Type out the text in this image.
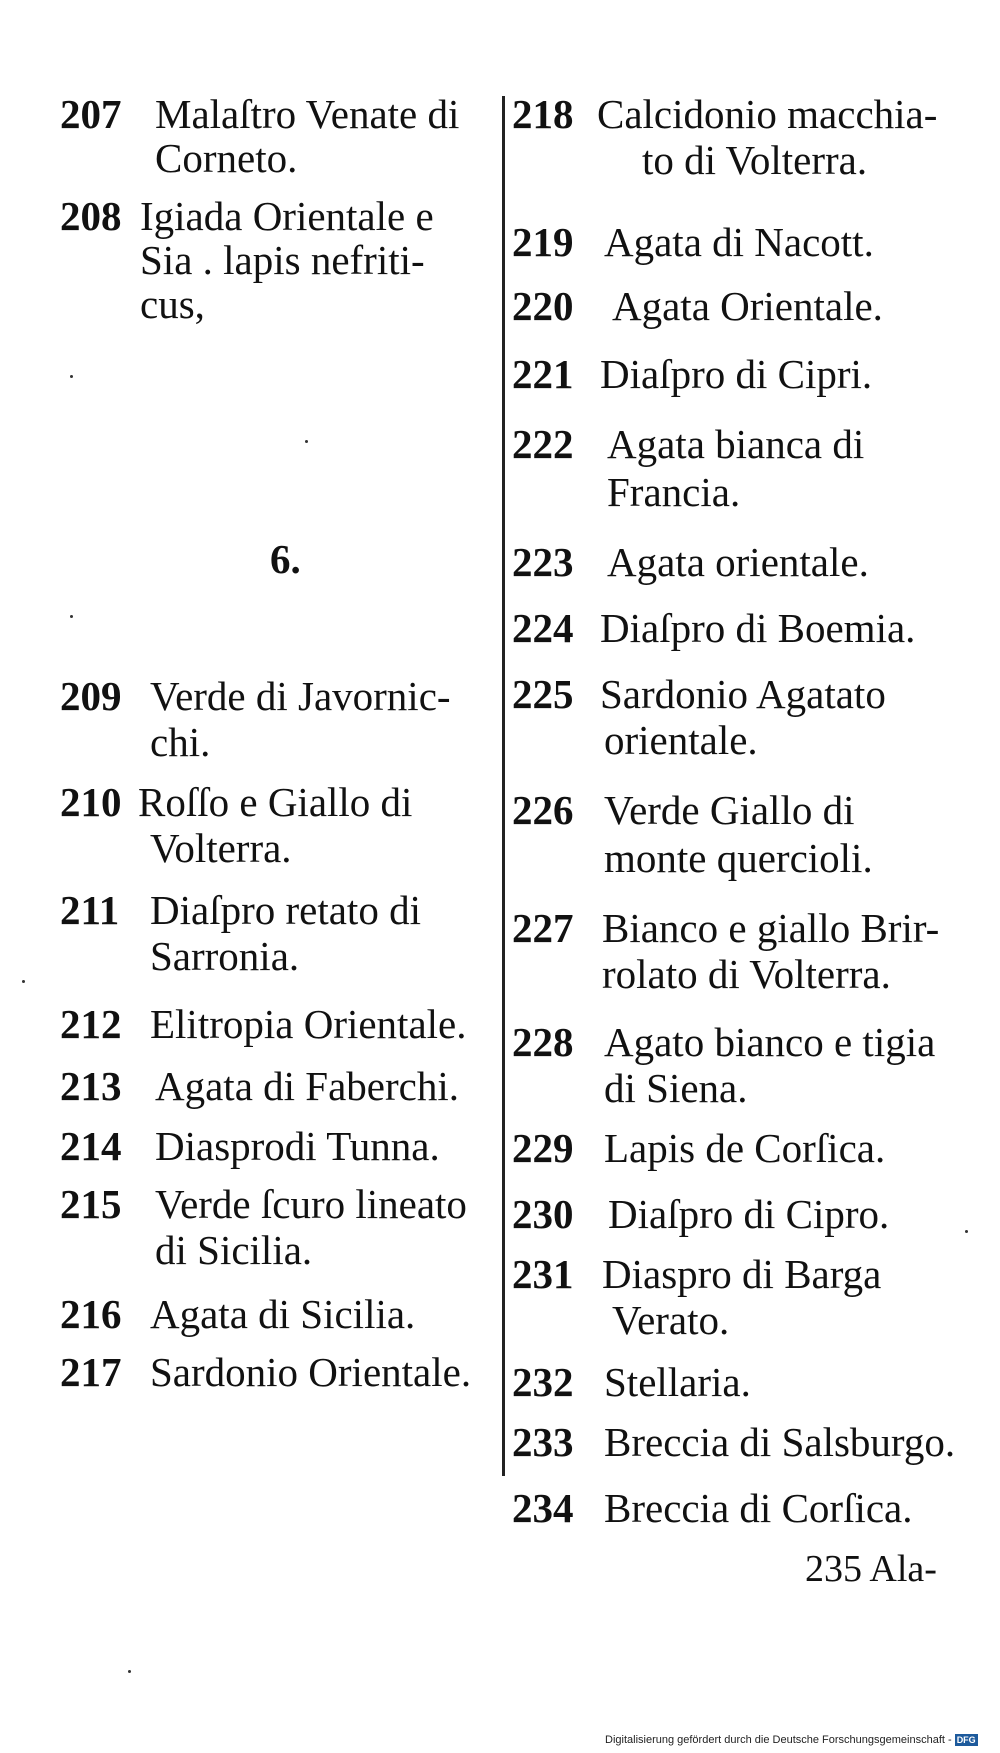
207 Malaſtro Venate di
Corneto.
208 Igiada Orientale e
Sia . lapis nefriti-
cus,
6.
209 Verde di Javornic-
chi.
210 Roſſo e Giallo di
Volterra.
211 Diaſpro retato di
Sarronia.
212 Elitropia Orientale.
213 Agata di Faberchi.
214 Diasprodi Tunna.
215 Verde ſcuro lineato
di Sicilia.
216 Agata di Sicilia.
217 Sardonio Orientale.
218 Calcidonio macchia-
to di Volterra.
219 Agata di Nacott.
220 Agata Orientale.
221 Diaſpro di Cipri.
222 Agata bianca di
Francia.
223 Agata orientale.
224 Diaſpro di Boemia.
225 Sardonio Agatato
orientale.
226 Verde Giallo di
monte quercioli.
227 Bianco e giallo Brir-
rolato di Volterra.
228 Agato bianco e tigia
di Siena.
229 Lapis de Corſica.
230 Diaſpro di Cipro.
231 Diaspro di Barga
Verato.
232 Stellaria.
233 Breccia di Salsburgo.
234 Breccia di Corſica.
235 Ala-
Digitalisierung gefördert durch die Deutsche Forschungsgemeinschaft - DFG
